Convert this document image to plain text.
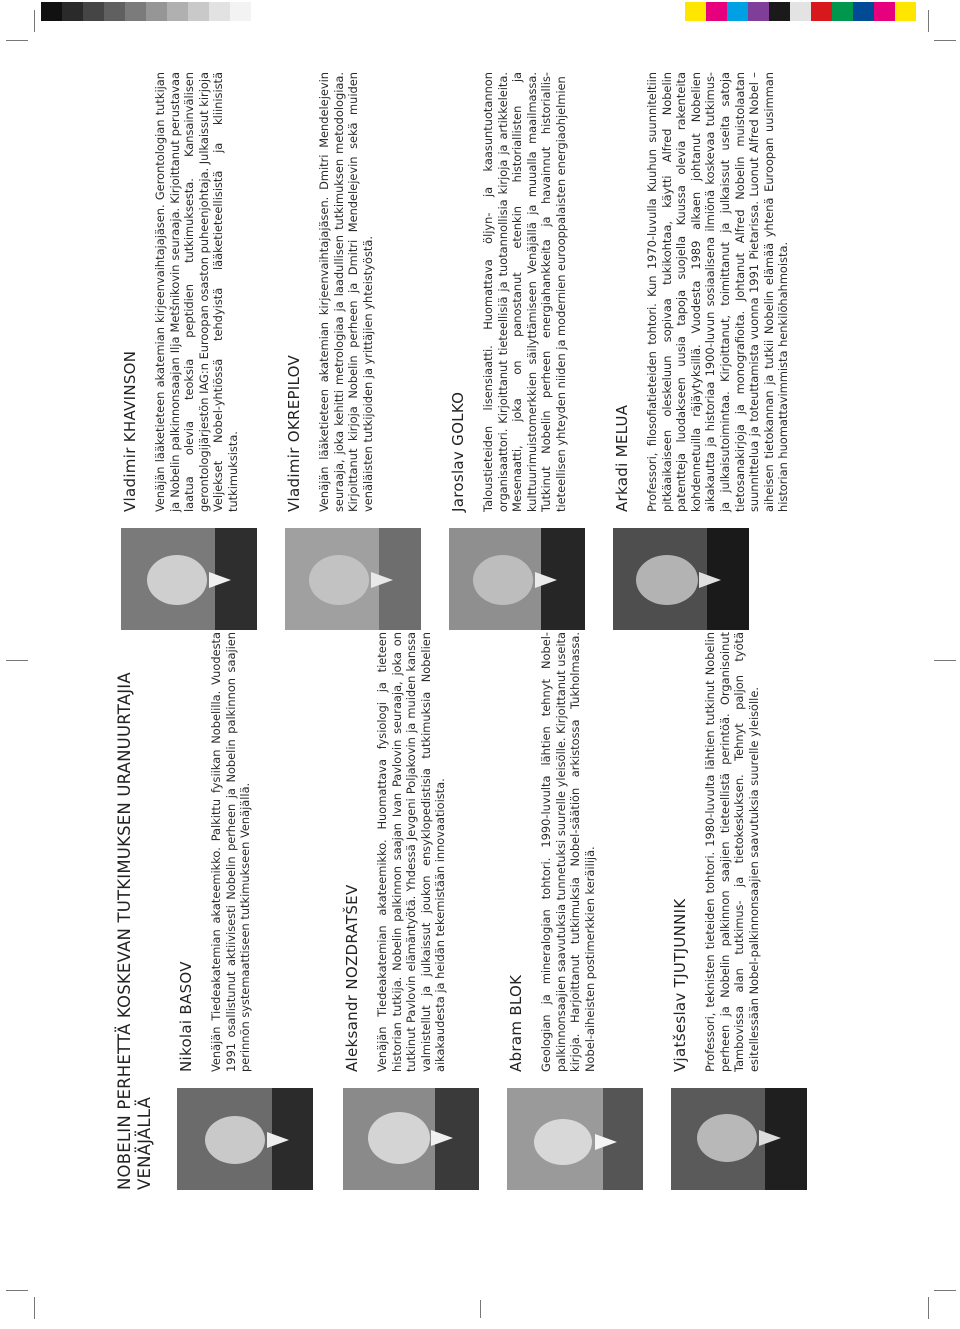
NOBELIN PERHETTÄ KOSKEVAN TUTKIMUKSEN URANUURTAJIA VENÄJÄLLÄ
Nikolai BASOV Venäjän Tiedeakatemian akateemikko. Palkittu fysiikan Nobelilla. Vuodesta 1991 osallistunut aktiivisesti Nobelin perheen ja Nobelin palkinnon saajien perinnön systemaattiseen tutkimukseen Venäjällä.	Aleksandr NOZDRATŠEV Venäjän Tiedeakatemian akateemikko. Huomattava fysiologi ja tieteen historian tutkija. Nobelin palkinnon saajan Ivan Pavlovin seuraaja, joka on tutkinut Pavlovin elämäntyötä. Yhdessä Jevgeni Poljakovin ja muiden kanssa valmistellut ja julkaissut joukon ensyklopedistisia tutkimuksia Nobelien aikakaudesta ja heidän tekemistään innovaatioista.	Abram BLOK Geologian ja mineralogian tohtori. 1990-luvulta lähtien tehnyt Nobel-palkinnonsaajien saavutuksia tunnetuksi suurelle yleisölle. Kirjoittanut useita kirjoja. Harjoittanut tutkimuksia Nobel-säätiön arkistossa Tukholmassa. Nobel-aiheisten postimerkkien keräilijä.	Vjatšeslav TJUTJUNNIK Professori, teknisten tieteiden tohtori. 1980-luvulta lähtien tutkinut Nobelin perheen ja Nobelin palkinnon saajien tieteellistä perintöä. Organisoinut Tambovissa alan tutkimus- ja tietokeskuksen. Tehnyt paljon työtä esitellessään Nobel-palkinnonsaajien saavutuksia suurelle yleisölle.

Vladimir KHAVINSON Venäjän lääketieteen akatemian kirjeenvaihtajajäsen. Gerontologian tutkijan ja Nobelin palkinnonsaajan Ilja Metšnikovin seuraaja. Kirjoittanut perustavaa laatua olevia teoksia peptidien tutkimuksesta. Kansainvälisen gerontologijärjestön IAG:n Euroopan osaston puheenjohtaja. Julkaissut kirjoja Veljekset Nobel-yhtiössä tehdyistä lääketieteellisistä ja kliinisistä tutkimuksista.	Vladimir OKREPILOV Venäjän lääketieteen akatemian kirjeenvaihtajajäsen. Dmitri Mendelejevin seuraaja, joka kehitti metrologiaa ja laadullisen tutkimuksen metodologiaa. Kirjoittanut kirjoja Nobelin perheen ja Dmitri Mendelejevin sekä muiden venäläisten tutkijoiden ja yrittäjien yhteistyöstä.	Jaroslav GOLKO Taloustieteiden lisensiaatti. Huomattava öljyn- ja kaasuntuotannon organisaattori. Kirjoittanut tieteellisiä ja tuotannollisia kirjoja ja artikkeleita. Mesenaatti, joka on panostanut etenkin historiallisten ja kulttuurimuistomerkkien säilyttämiseen Venäjällä ja muualla maailmassa. Tutkinut Nobelin perheen energiahankkeita ja havainnut historiallis-tieteellisen yhteyden niiden ja modernien eurooppalaisten energiaohjelmien	Arkadi MELUA Professori, filosofiatieteiden tohtori. Kun 1970-luvulla Kuuhun suunniteltiin pitkäaikaiseen oleskeluun sopivaa tukikohtaa, käytti Alfred Nobelin patentteja luodakseen uusia tapoja suojella Kuussa olevia rakenteita kohdennetuilla räjäytyksillä. Vuodesta 1989 alkaen johtanut Nobelien aikakautta ja historiaa 1900-luvun sosiaalisena ilmiönä koskevaa tutkimus- ja julkaisutoimintaa. Kirjoittanut, toimittanut ja julkaissut useita satoja tietosanakirjoja ja monografioita. Johtanut Alfred Nobelin muistolaatan suunnittelua ja toteuttamista vuonna 1991 Pietarissa. Luonut Alfred Nobel –aiheisen tietokannan ja tutkii Nobelin elämää yhtenä Euroopan uusimman historian huomattavimmista henkilöhahmoista.
